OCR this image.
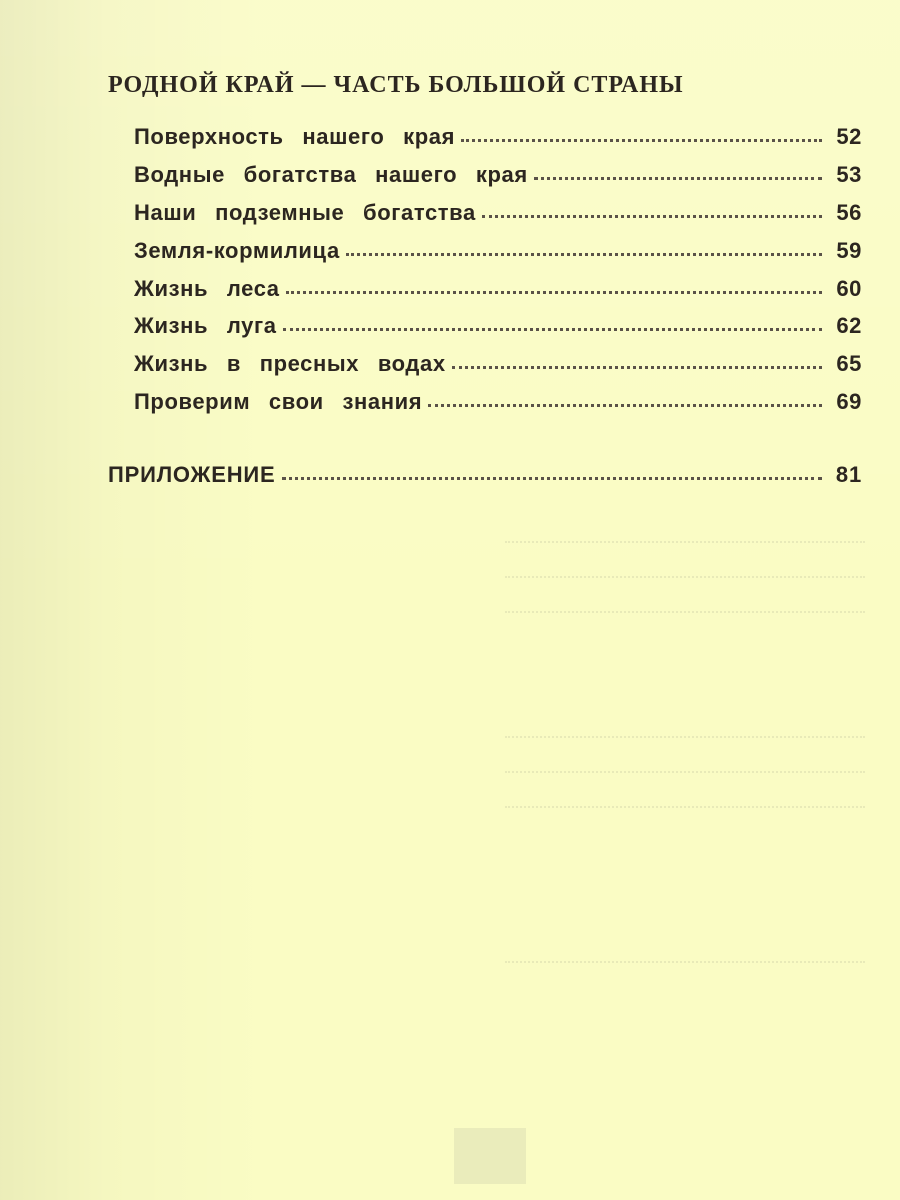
РОДНОЙ КРАЙ — ЧАСТЬ БОЛЬШОЙ СТРАНЫ
Поверхность нашего края	52
Водные богатства нашего края	53
Наши подземные богатства	56
Земля-кормилица	59
Жизнь леса	60
Жизнь луга	62
Жизнь в пресных водах	65
Проверим свои знания	69
ПРИЛОЖЕНИЕ	81
